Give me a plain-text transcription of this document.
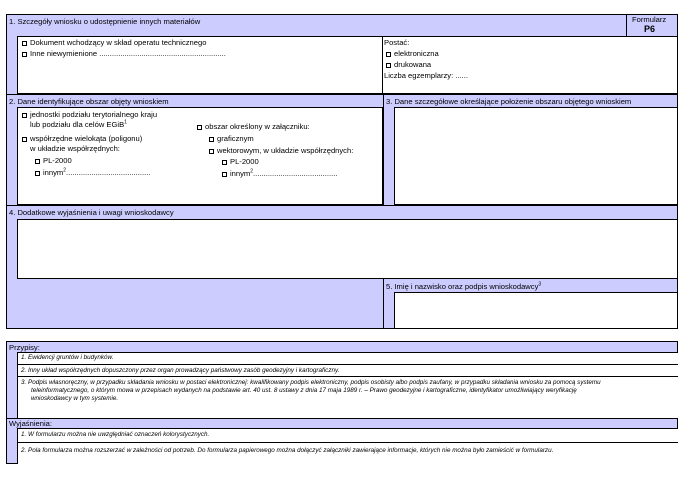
1. Szczegóły wniosku o udostępnienie innych materiałów	Formularz
P6
Dokument wchodzący w skład operatu technicznego
Inne niewymienione ............................................................
Postać:
elektroniczna
drukowana
Liczba egzemplarzy: ......
2. Dane identyfikujące obszar objęty wnioskiem	3. Dane szczegółowe określające położenie obszaru objętego wnioskiem
jednostki podziału terytorialnego kraju
lub podziału dla celów EGiB$^1$
współrzędne wielokąta (poligonu)
w układzie współrzędnych:
PL-2000
innym$^2$........................................
obszar określony w załączniku:
graficznym
wektorowym, w układzie współrzędnych:
PL-2000
innym$^2$........................................
4. Dodatkowe wyjaśnienia i uwagi wnioskodawcy
5. Imię i nazwisko oraz podpis wnioskodawcy$^3$
Przypisy:
1. Ewidencji gruntów i budynków.
2. Inny układ współrzędnych dopuszczony przez organ prowadzący państwowy zasób geodezyjny i kartograficzny.
3. Podpis własnoręczny, w przypadku składania wniosku w postaci elektronicznej: kwalifikowany podpis elektroniczny, podpis osobisty albo podpis zaufany, w przypadku składania wniosku za pomocą systemu
teleinformatycznego, o którym mowa w przepisach wydanych na podstawie art. 40 ust. 8 ustawy z dnia 17 maja 1989 r. – Prawo geodezyjne i kartograficzne, identyfikator umożliwiający weryfikację
wnioskodawcy w tym systemie.
Wyjaśnienia:
1. W formularzu można nie uwzględniać oznaczeń kolorystycznych.
2. Pola formularza można rozszerzać w zależności od potrzeb. Do formularza papierowego można dołączyć załączniki zawierające informacje, których nie można było zamieścić w formularzu.
